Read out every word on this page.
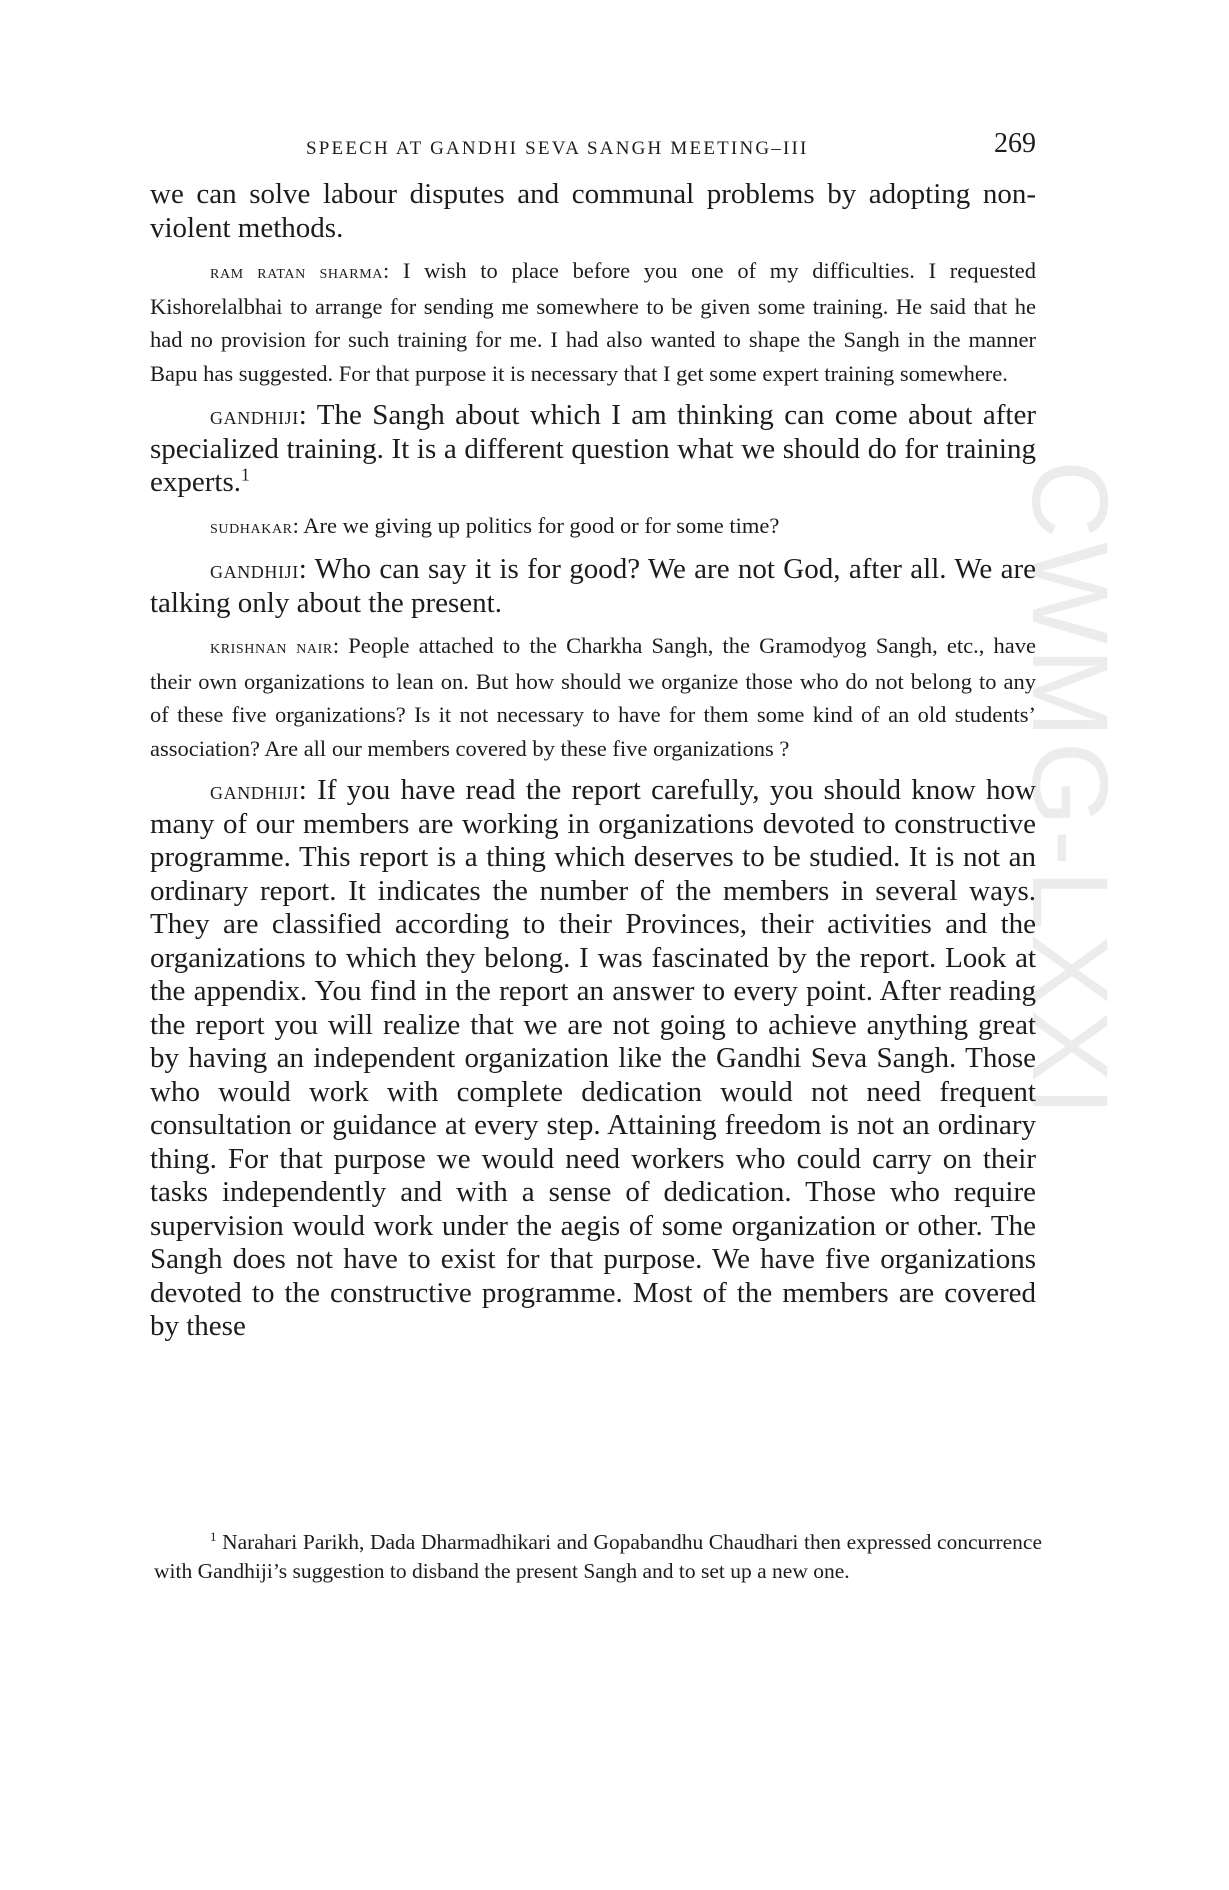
CWMG-LXXI
SPEECH AT GANDHI SEVA SANGH MEETING–III	269

we can solve labour disputes and communal problems by adopting non-violent methods.

ram ratan sharma: I wish to place before you one of my difficulties. I requested Kishorelalbhai to arrange for sending me somewhere to be given some training. He said that he had no provision for such training for me. I had also wanted to shape the Sangh in the manner Bapu has suggested. For that purpose it is necessary that I get some expert training somewhere.

gandhiji: The Sangh about which I am thinking can come about after specialized training. It is a different question what we should do for training experts.$^1$

sudhakar: Are we giving up politics for good or for some time?

gandhiji: Who can say it is for good? We are not God, after all. We are talking only about the present.

krishnan nair: People attached to the Charkha Sangh, the Gramodyog Sangh, etc., have their own organizations to lean on. But how should we organize those who do not belong to any of these five organizations? Is it not necessary to have for them some kind of an old students’ association? Are all our members covered by these five organizations ?

gandhiji: If you have read the report carefully, you should know how many of our members are working in organizations devoted to constructive programme. This report is a thing which deserves to be studied. It is not an ordinary report. It indicates the number of the members in several ways. They are classified according to their Provinces, their activities and the organizations to which they belong. I was fascinated by the report. Look at the appendix. You find in the report an answer to every point. After reading the report you will realize that we are not going to achieve anything great by having an independent organization like the Gandhi Seva Sangh. Those who would work with complete dedication would not need frequent consultation or guidance at every step. Attaining freedom is not an ordinary thing. For that purpose we would need workers who could carry on their tasks independently and with a sense of dedication. Those who require supervision would work under the aegis of some organization or other. The Sangh does not have to exist for that purpose. We have five organizations devoted to the constructive programme. Most of the members are covered by these

$^1$ Narahari Parikh, Dada Dharmadhikari and Gopabandhu Chaudhari then expressed concurrence with Gandhiji’s suggestion to disband the present Sangh and to set up a new one.
